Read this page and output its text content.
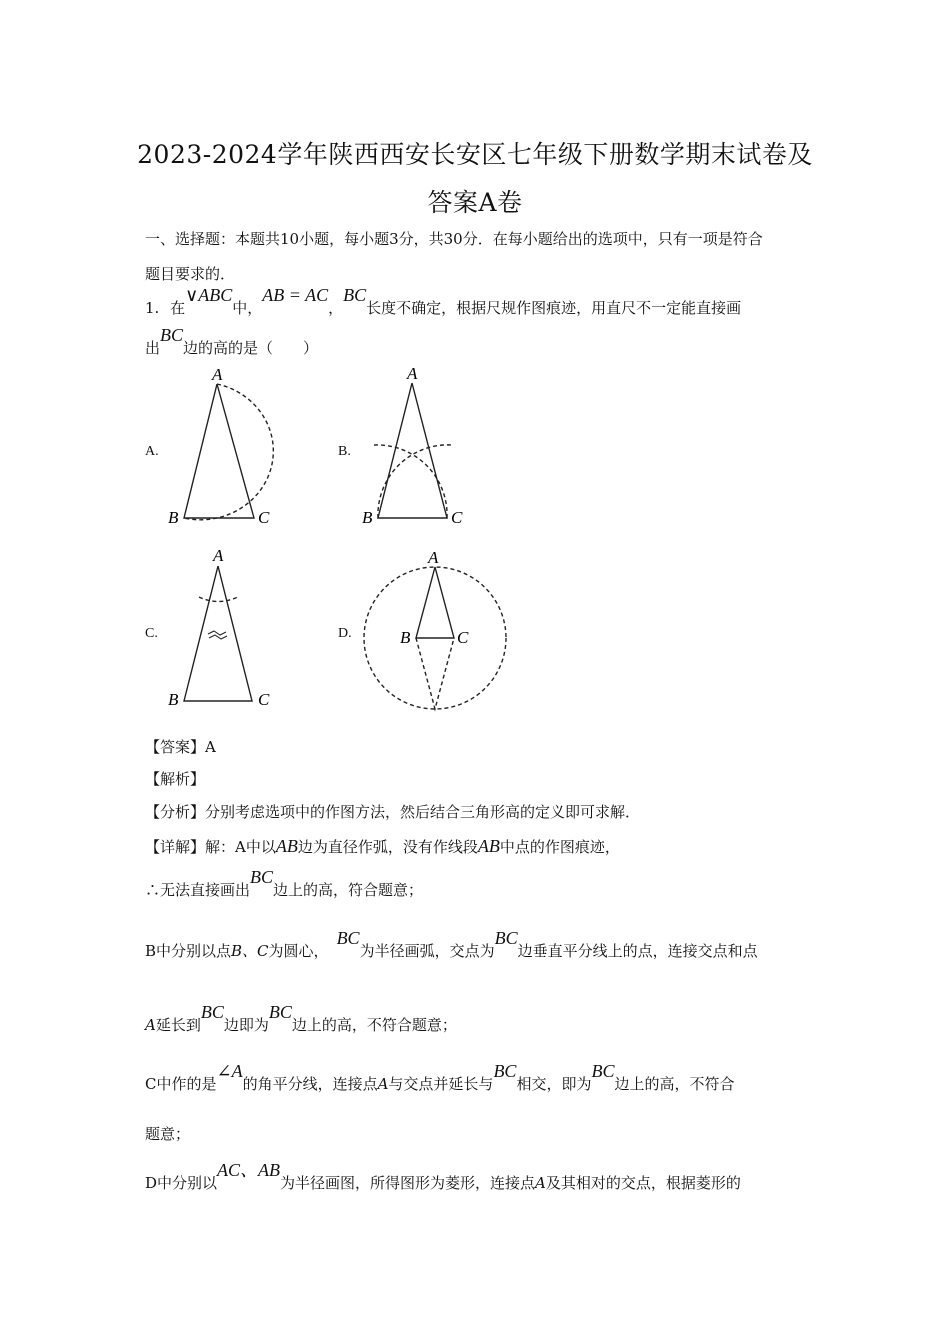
2023-2024学年陕西西安长安区七年级下册数学期末试卷及
答案A卷
一、选择题：本题共10小题，每小题3分，共30分．在每小题给出的选项中，只有一项是符合
题目要求的．
1. 在∨ABC中，AB = AC，BC长度不确定，根据尺规作图痕迹，用直尺不一定能直接画
出BC边的高的是（　　）
A.	B.
C.	D.
A
B	C
A
B	C
A
B	C
A
B	C
【答案】A
【解析】
【分析】分别考虑选项中的作图方法，然后结合三角形高的定义即可求解．
【详解】解：A中以AB边为直径作弧，没有作线段AB中点的作图痕迹，
∴无法直接画出BC边上的高，符合题意；
B中分别以点B、C为圆心，BC为半径画弧，交点为BC边垂直平分线上的点，连接交点和点
A延长到BC边即为BC边上的高，不符合题意；
C中作的是∠A的角平分线，连接点A与交点并延长与BC相交，即为BC边上的高，不符合
题意；
D中分别以AC、AB为半径画图，所得图形为菱形，连接点A及其相对的交点，根据菱形的
